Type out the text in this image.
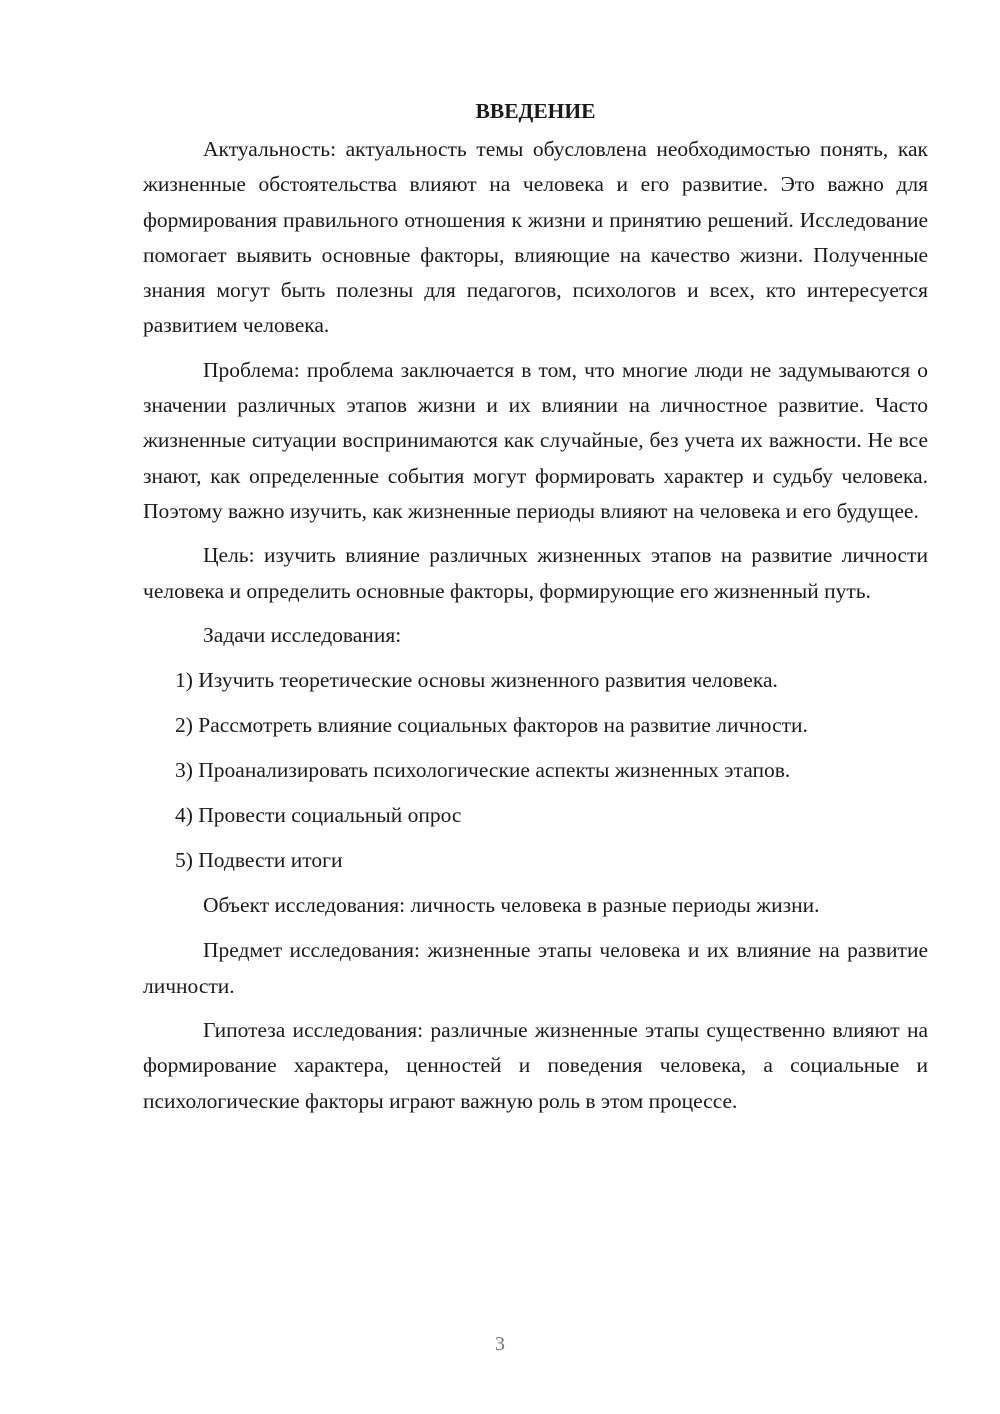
ВВЕДЕНИЕ

Актуальность: актуальность темы обусловлена необходимостью понять, как жизненные обстоятельства влияют на человека и его развитие. Это важно для формирования правильного отношения к жизни и принятию решений. Исследование помогает выявить основные факторы, влияющие на качество жизни. Полученные знания могут быть полезны для педагогов, психологов и всех, кто интересуется развитием человека.

Проблема: проблема заключается в том, что многие люди не задумываются о значении различных этапов жизни и их влиянии на личностное развитие. Часто жизненные ситуации воспринимаются как случайные, без учета их важности. Не все знают, как определенные события могут формировать характер и судьбу человека. Поэтому важно изучить, как жизненные периоды влияют на человека и его будущее.

Цель: изучить влияние различных жизненных этапов на развитие личности человека и определить основные факторы, формирующие его жизненный путь.

Задачи исследования:

1) Изучить теоретические основы жизненного развития человека.
2) Рассмотреть влияние социальных факторов на развитие личности.
3) Проанализировать психологические аспекты жизненных этапов.
4) Провести социальный опрос
5) Подвести итоги

Объект исследования: личность человека в разные периоды жизни.

Предмет исследования: жизненные этапы человека и их влияние на развитие личности.

Гипотеза исследования: различные жизненные этапы существенно влияют на формирование характера, ценностей и поведения человека, а социальные и психологические факторы играют важную роль в этом процессе.

3
